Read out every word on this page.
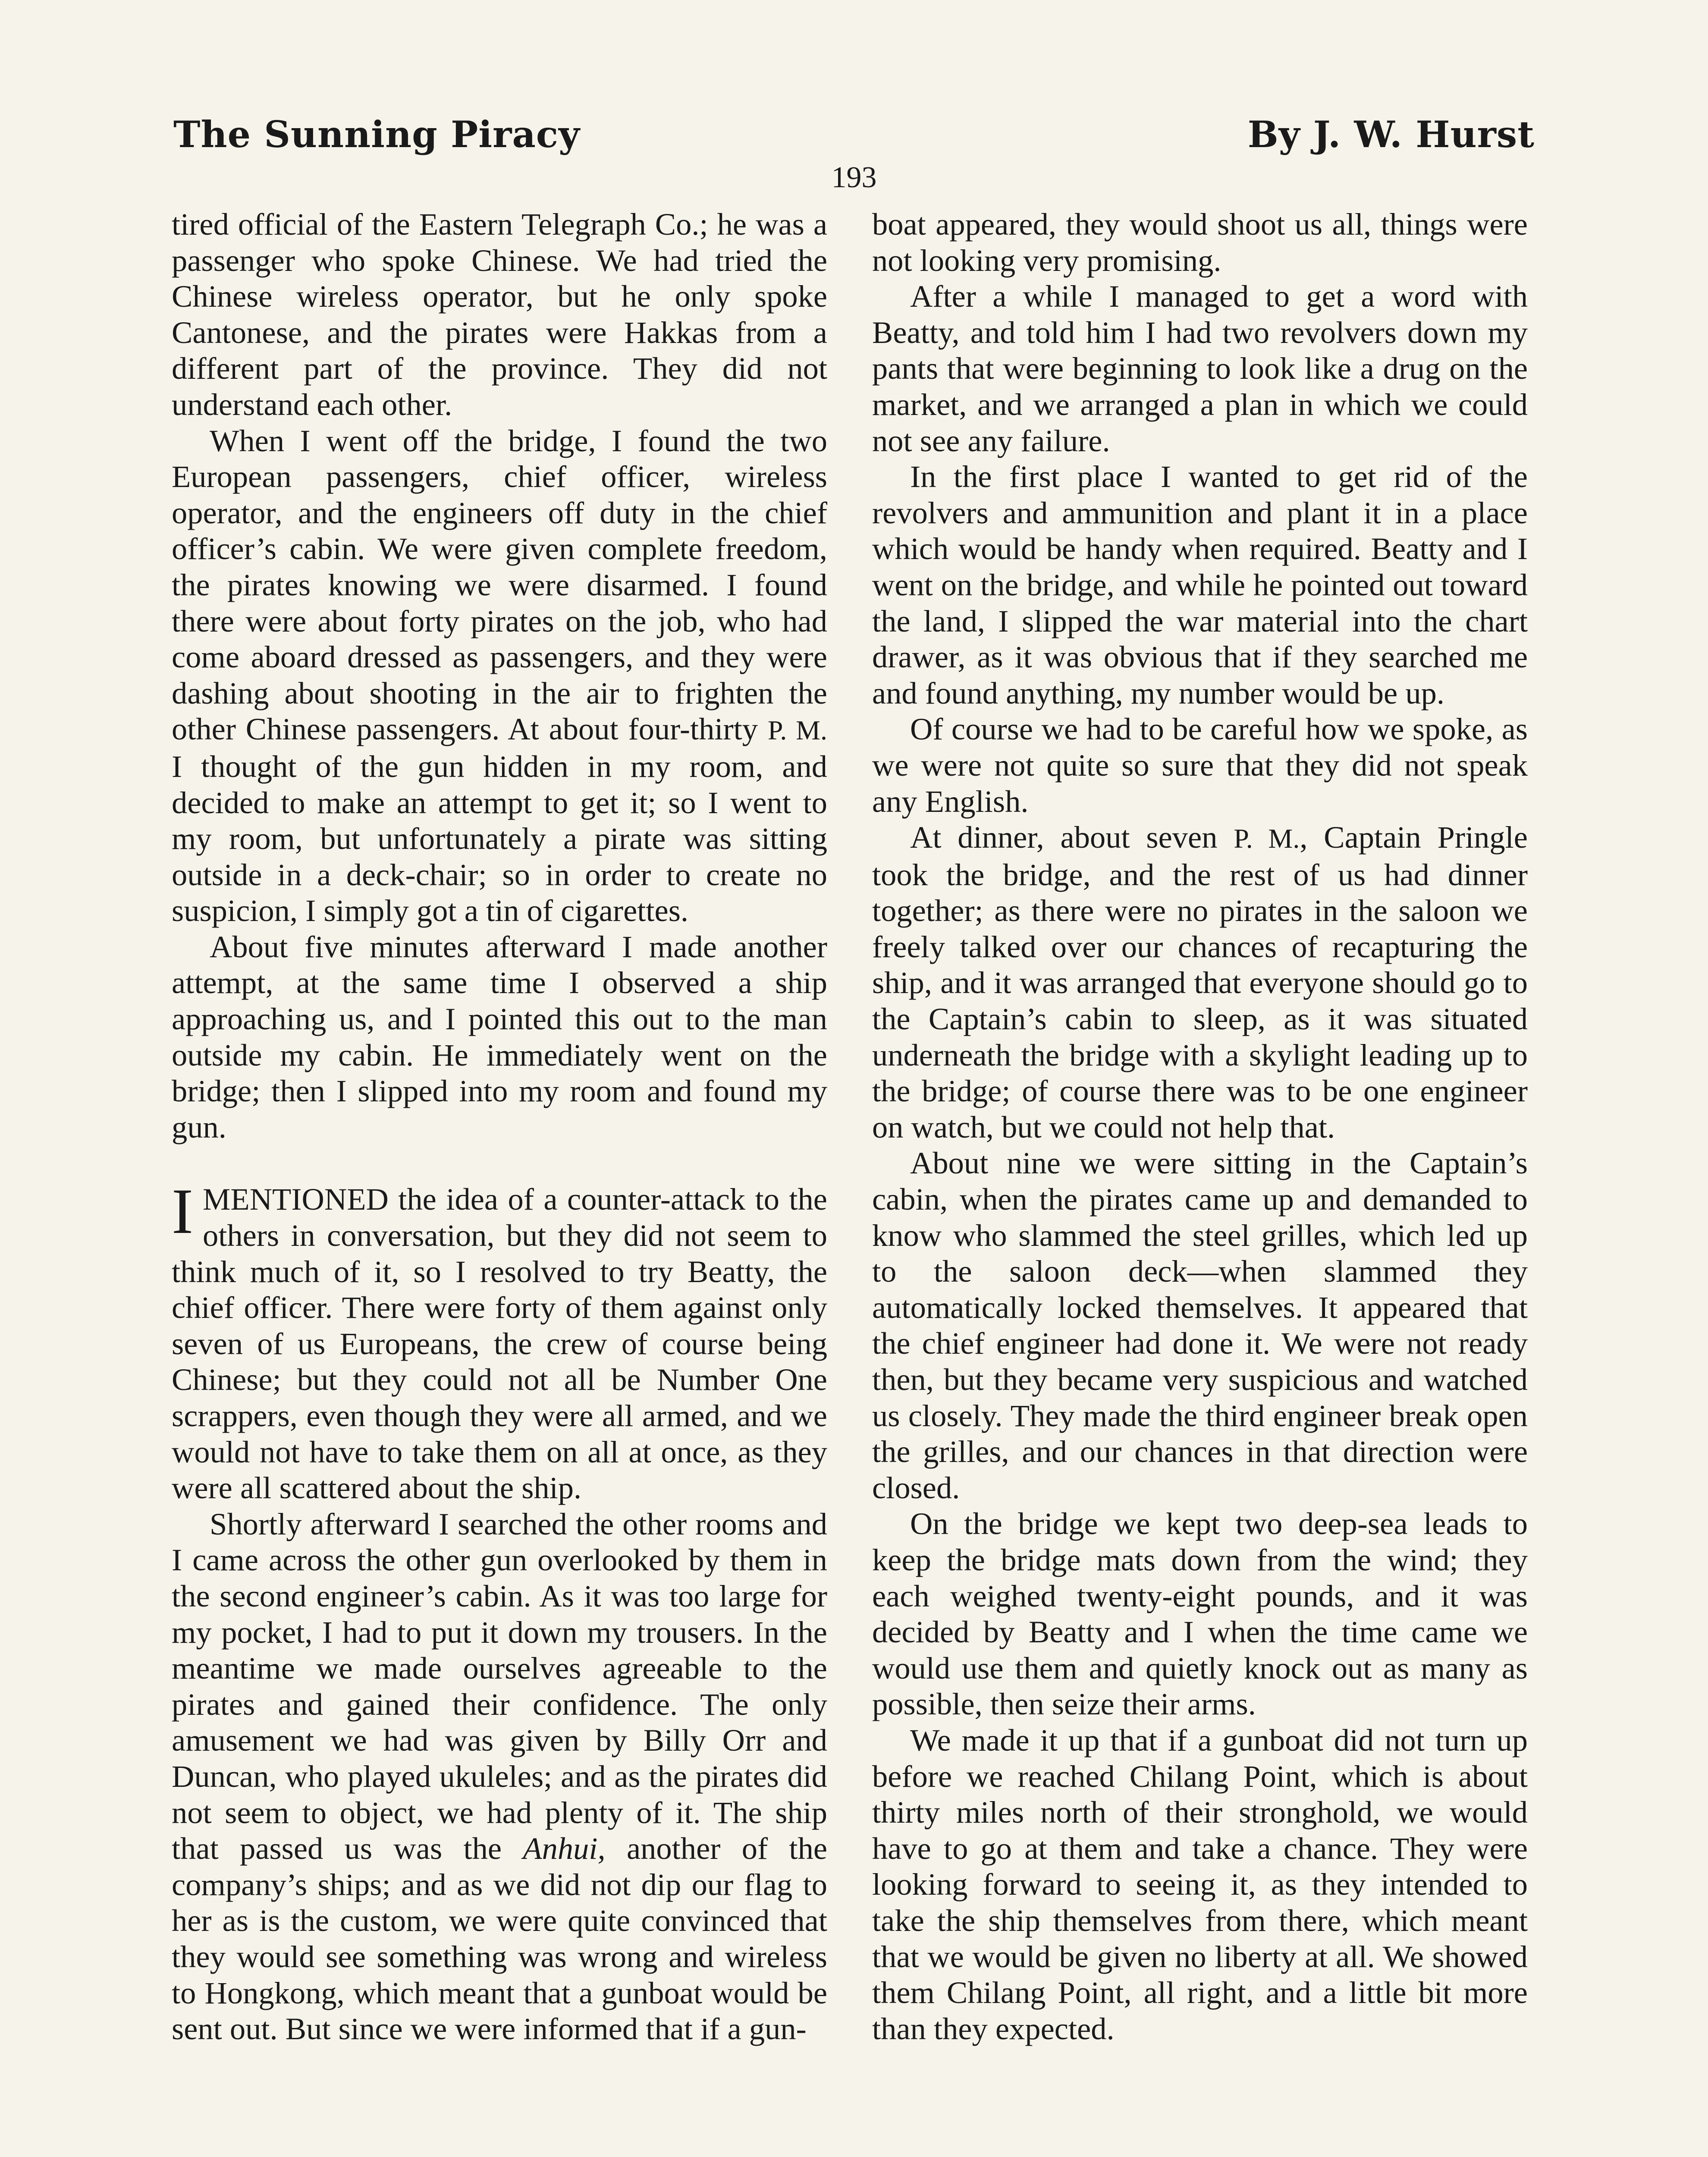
The Sunning Piracy	By J. W. Hurst
193

tired official of the Eastern Telegraph Co.; he was a passenger who spoke Chinese. We had tried the Chinese wireless operator, but he only spoke Cantonese, and the pirates were Hakkas from a different part of the province. They did not understand each other.

When I went off the bridge, I found the two European passengers, chief officer, wireless operator, and the engineers off duty in the chief officer’s cabin. We were given complete freedom, the pirates knowing we were disarmed. I found there were about forty pirates on the job, who had come aboard dressed as passengers, and they were dashing about shooting in the air to frighten the other Chinese passengers. At about four-thirty P. M. I thought of the gun hidden in my room, and decided to make an attempt to get it; so I went to my room, but unfortunately a pirate was sitting outside in a deck-chair; so in order to create no suspicion, I simply got a tin of cigarettes.

About five minutes afterward I made another attempt, at the same time I observed a ship approaching us, and I pointed this out to the man outside my cabin. He immediately went on the bridge; then I slipped into my room and found my gun.

I MENTIONED the idea of a counter-attack to the others in conversation, but they did not seem to think much of it, so I resolved to try Beatty, the chief officer. There were forty of them against only seven of us Europeans, the crew of course being Chinese; but they could not all be Number One scrappers, even though they were all armed, and we would not have to take them on all at once, as they were all scattered about the ship.

Shortly afterward I searched the other rooms and I came across the other gun overlooked by them in the second engineer’s cabin. As it was too large for my pocket, I had to put it down my trousers. In the meantime we made ourselves agreeable to the pirates and gained their confidence. The only amusement we had was given by Billy Orr and Duncan, who played ukuleles; and as the pirates did not seem to object, we had plenty of it. The ship that passed us was the Anhui, another of the company’s ships; and as we did not dip our flag to her as is the custom, we were quite convinced that they would see something was wrong and wireless to Hongkong, which meant that a gunboat would be sent out. But since we were informed that if a gun-

boat appeared, they would shoot us all, things were not looking very promising.

After a while I managed to get a word with Beatty, and told him I had two revolvers down my pants that were beginning to look like a drug on the market, and we arranged a plan in which we could not see any failure.

In the first place I wanted to get rid of the revolvers and ammunition and plant it in a place which would be handy when required. Beatty and I went on the bridge, and while he pointed out toward the land, I slipped the war material into the chart drawer, as it was obvious that if they searched me and found anything, my number would be up.

Of course we had to be careful how we spoke, as we were not quite so sure that they did not speak any English.

At dinner, about seven P. M., Captain Pringle took the bridge, and the rest of us had dinner together; as there were no pirates in the saloon we freely talked over our chances of recapturing the ship, and it was arranged that everyone should go to the Captain’s cabin to sleep, as it was situated underneath the bridge with a skylight leading up to the bridge; of course there was to be one engineer on watch, but we could not help that.

About nine we were sitting in the Captain’s cabin, when the pirates came up and demanded to know who slammed the steel grilles, which led up to the saloon deck—when slammed they automatically locked themselves. It appeared that the chief engineer had done it. We were not ready then, but they became very suspicious and watched us closely. They made the third engineer break open the grilles, and our chances in that direction were closed.

On the bridge we kept two deep-sea leads to keep the bridge mats down from the wind; they each weighed twenty-eight pounds, and it was decided by Beatty and I when the time came we would use them and quietly knock out as many as possible, then seize their arms.

We made it up that if a gunboat did not turn up before we reached Chilang Point, which is about thirty miles north of their stronghold, we would have to go at them and take a chance. They were looking forward to seeing it, as they intended to take the ship themselves from there, which meant that we would be given no liberty at all. We showed them Chilang Point, all right, and a little bit more than they expected.
